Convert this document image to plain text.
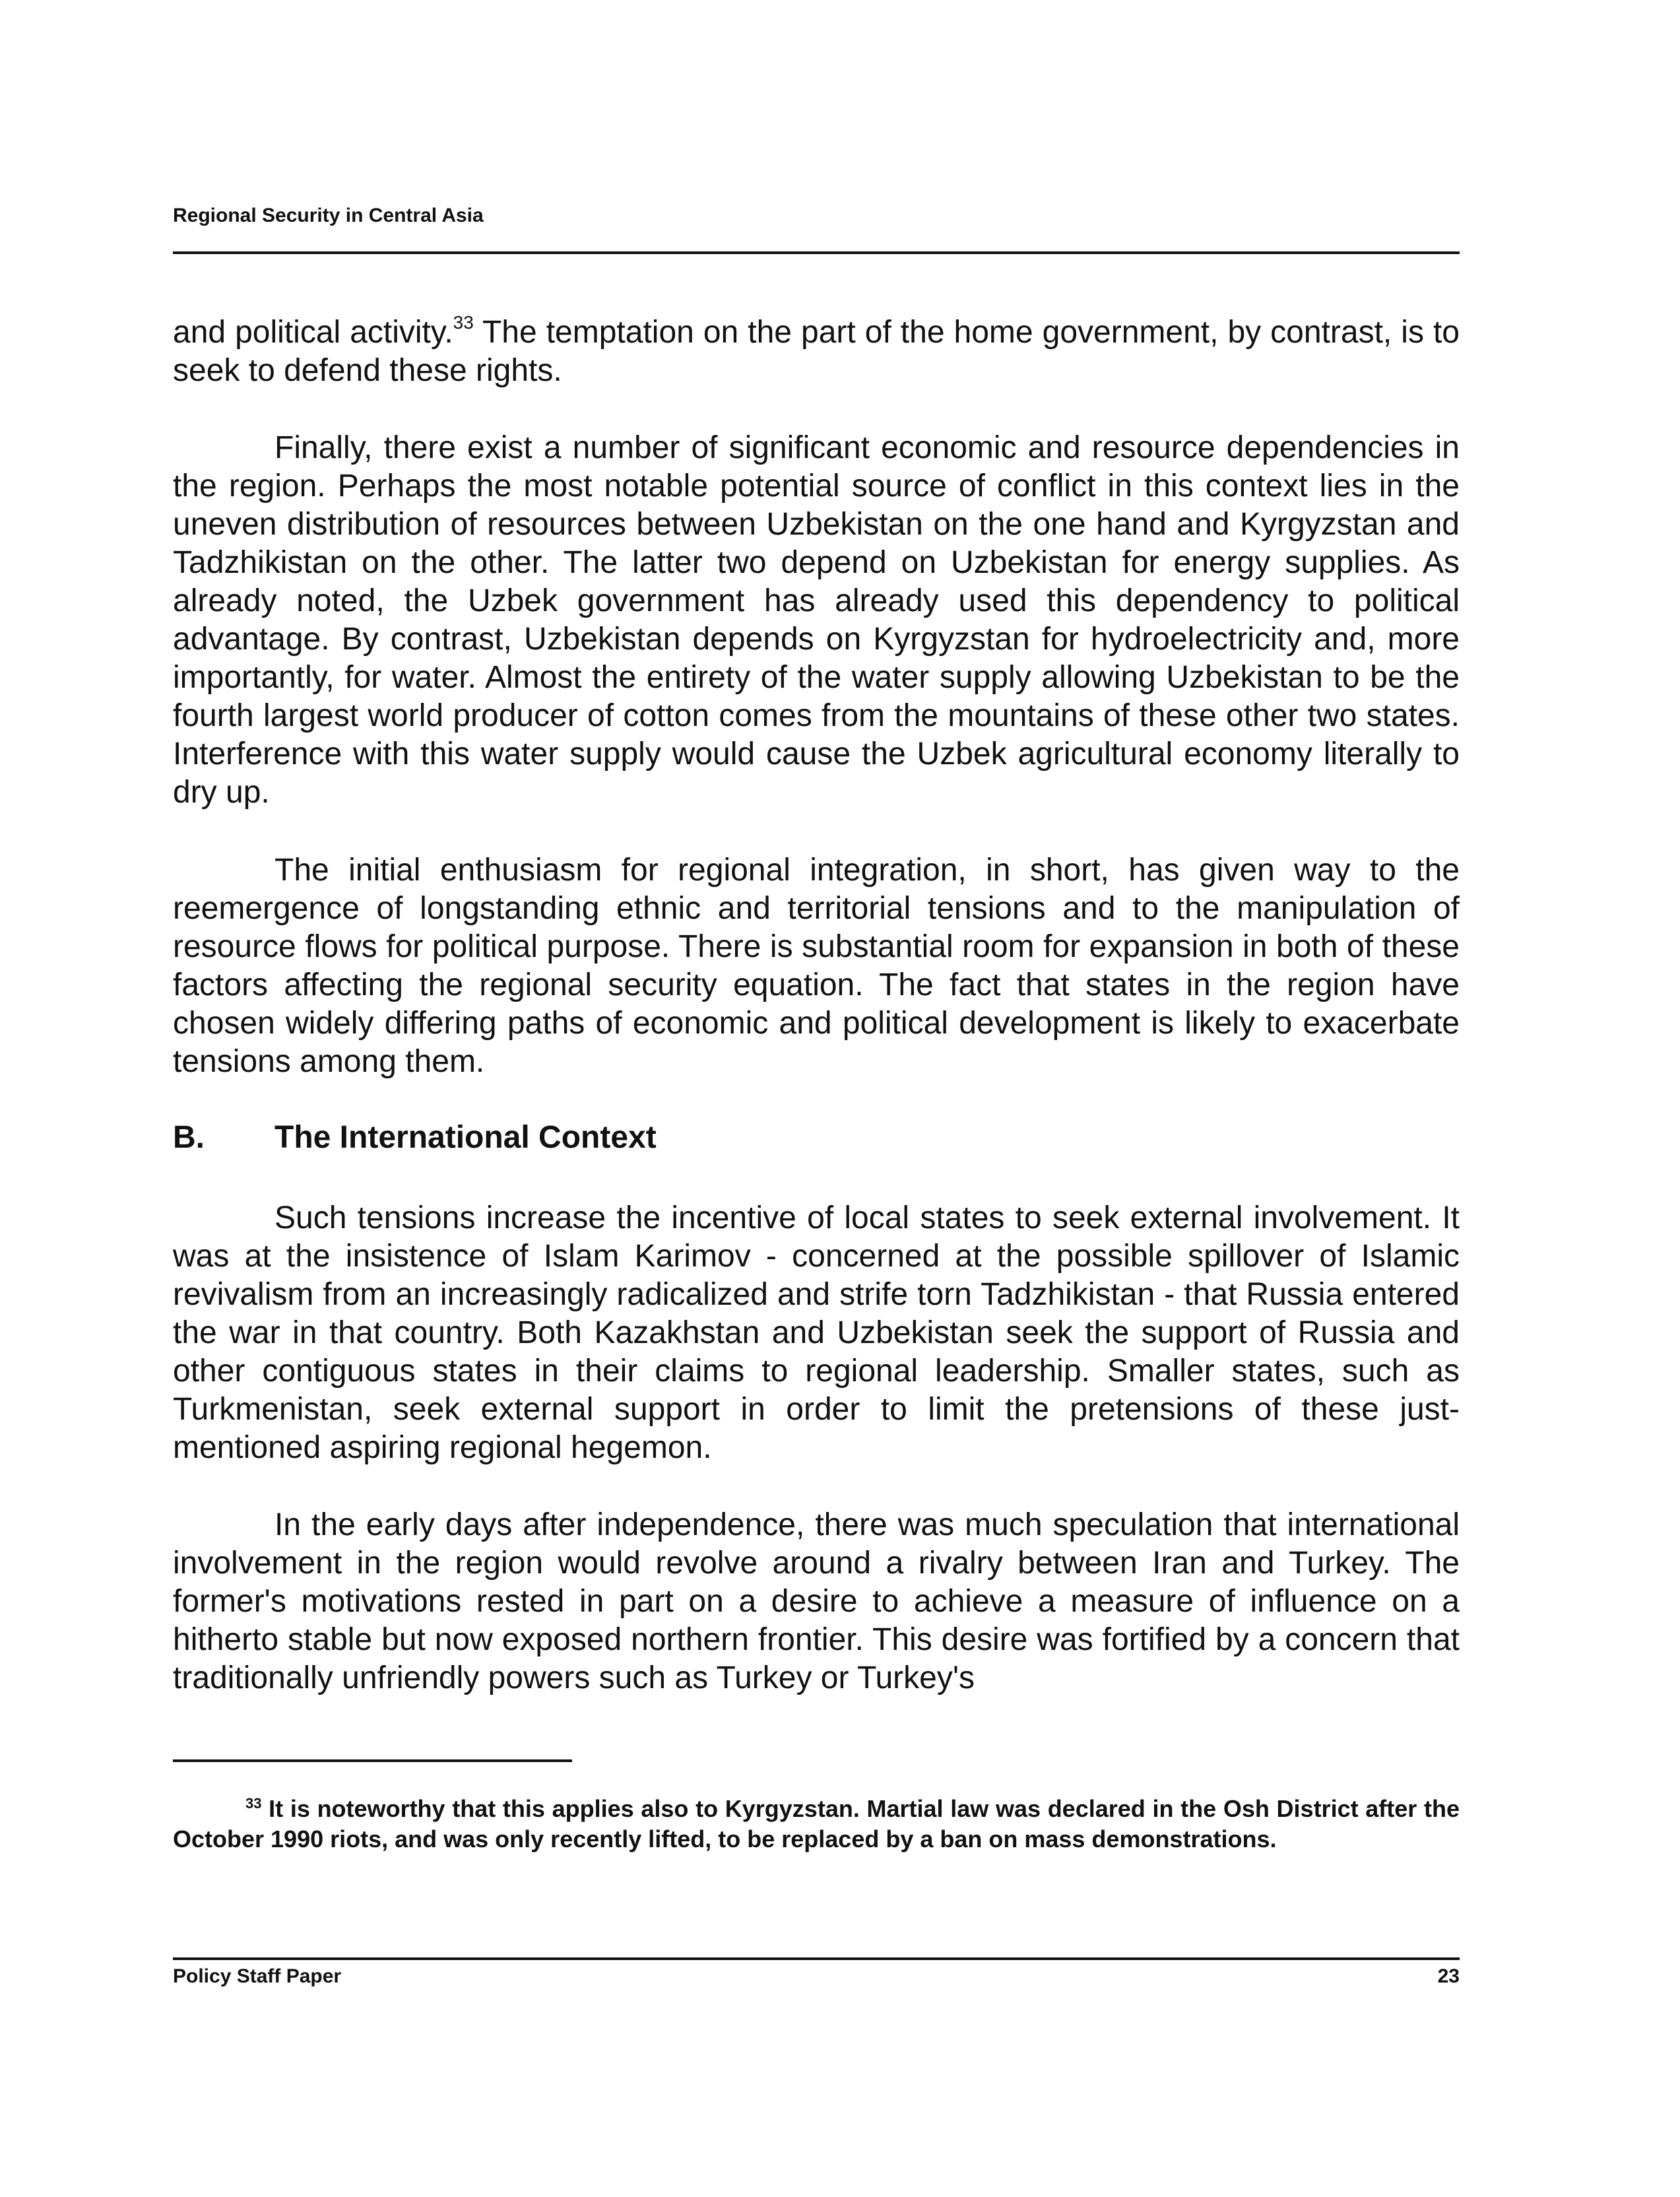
Regional Security in Central Asia

and political activity.$^{33}$ The temptation on the part of the home government, by contrast, is to seek to defend these rights.

Finally, there exist a number of significant economic and resource dependencies in the region. Perhaps the most notable potential source of conflict in this context lies in the uneven distribution of resources between Uzbekistan on the one hand and Kyrgyzstan and Tadzhikistan on the other. The latter two depend on Uzbekistan for energy supplies. As already noted, the Uzbek government has already used this dependency to political advantage. By contrast, Uzbekistan depends on Kyrgyzstan for hydroelectricity and, more importantly, for water. Almost the entirety of the water supply allowing Uzbekistan to be the fourth largest world producer of cotton comes from the mountains of these other two states. Interference with this water supply would cause the Uzbek agricultural economy literally to dry up.

The initial enthusiasm for regional integration, in short, has given way to the reemergence of longstanding ethnic and territorial tensions and to the manipulation of resource flows for political purpose. There is substantial room for expansion in both of these factors affecting the regional security equation. The fact that states in the region have chosen widely differing paths of economic and political development is likely to exacerbate tensions among them.

B. The International Context

Such tensions increase the incentive of local states to seek external involvement. It was at the insistence of Islam Karimov - concerned at the possible spillover of Islamic revivalism from an increasingly radicalized and strife torn Tadzhikistan - that Russia entered the war in that country. Both Kazakhstan and Uzbekistan seek the support of Russia and other contiguous states in their claims to regional leadership. Smaller states, such as Turkmenistan, seek external support in order to limit the pretensions of these just-mentioned aspiring regional hegemon.

In the early days after independence, there was much speculation that international involvement in the region would revolve around a rivalry between Iran and Turkey. The former's motivations rested in part on a desire to achieve a measure of influence on a hitherto stable but now exposed northern frontier. This desire was fortified by a concern that traditionally unfriendly powers such as Turkey or Turkey's

$^{33}$ It is noteworthy that this applies also to Kyrgyzstan. Martial law was declared in the Osh District after the October 1990 riots, and was only recently lifted, to be replaced by a ban on mass demonstrations.

Policy Staff Paper	23
